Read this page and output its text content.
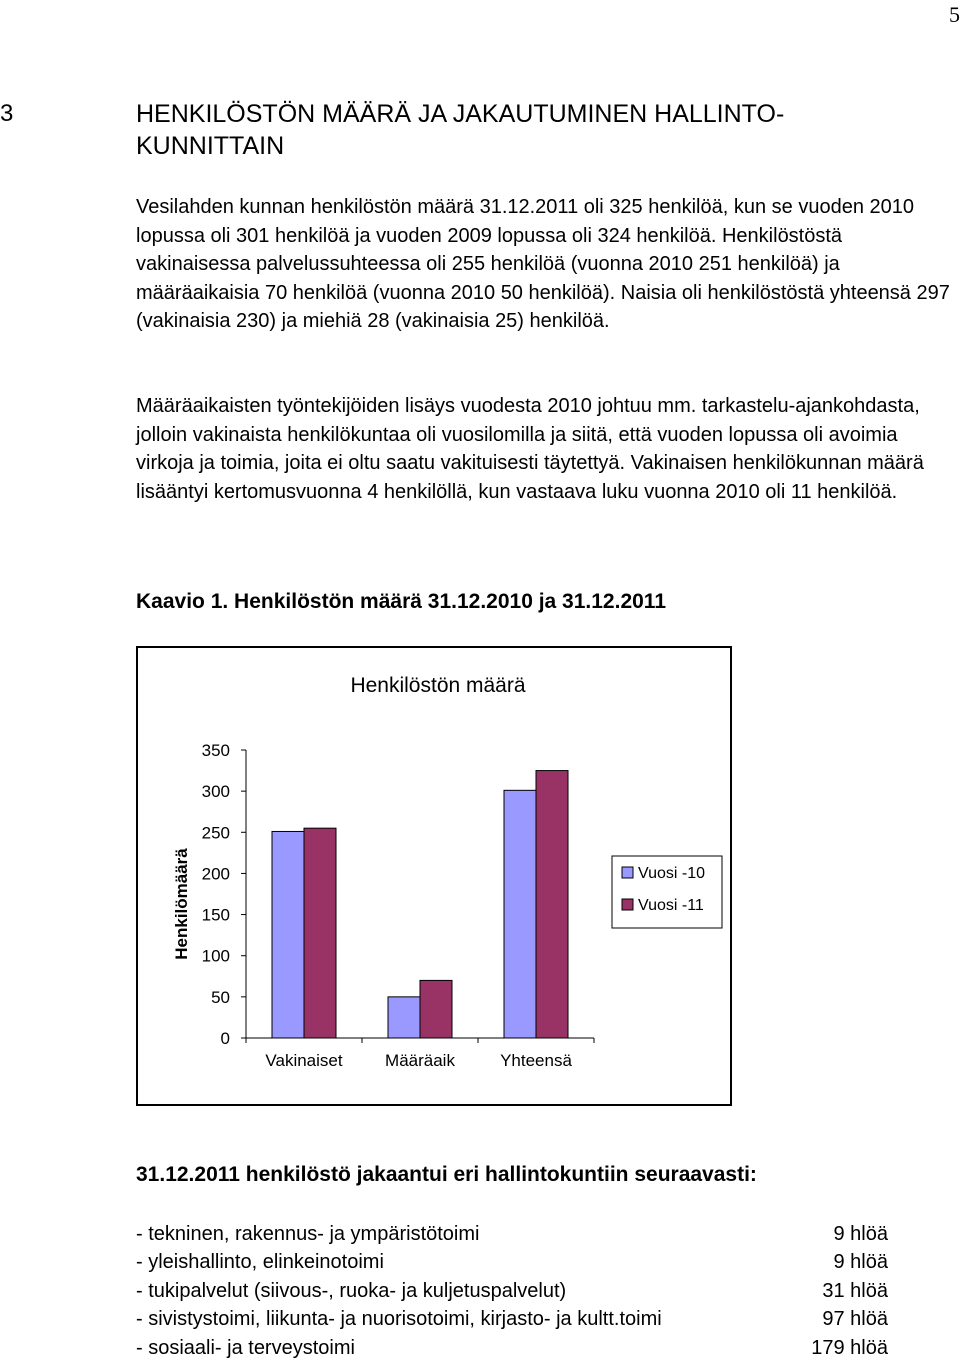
5
3	HENKILÖSTÖN MÄÄRÄ JA JAKAUTUMINEN HALLINTO-
KUNNITTAIN

Vesilahden kunnan henkilöstön määrä 31.12.2011 oli 325 henkilöä, kun se vuoden 2010 lopussa oli 301 henkilöä ja vuoden 2009 lopussa oli 324 henkilöä. Henkilöstöstä vakinaisessa palvelussuhteessa oli 255 henkilöä (vuonna 2010 251 henkilöä) ja määräaikaisia 70 henkilöä (vuonna 2010 50 henkilöä). Naisia oli henkilöstöstä yhteensä 297 (vakinaisia 230) ja miehiä 28 (vakinaisia 25) henkilöä.

Määräaikaisten työntekijöiden lisäys vuodesta 2010 johtuu mm. tarkastelu-ajankohdasta, jolloin vakinaista henkilökuntaa oli vuosilomilla ja siitä, että vuoden lopussa oli avoimia virkoja ja toimia, joita ei oltu saatu vakituisesti täytettyä. Vakinaisen henkilökunnan määrä lisääntyi kertomusvuonna 4 henkilöllä, kun vastaava luku vuonna 2010 oli 11 henkilöä.

Kaavio 1. Henkilöstön määrä 31.12.2010 ja 31.12.2011

Henkilöstön määrä
Henkilömäärä
0
50
100
150
200
250
300
350
Vakinaiset Määräaik	Yhteensä
Vuosi -10
Vuosi -11

31.12.2011 henkilöstö jakaantui eri hallintokuntiin seuraavasti:

- tekninen, rakennus- ja ympäristötoimi	9 hlöä
- yleishallinto, elinkeinotoimi	9 hlöä
- tukipalvelut (siivous-, ruoka- ja kuljetuspalvelut)	31 hlöä
- sivistystoimi, liikunta- ja nuorisotoimi, kirjasto- ja kultt.toimi	97 hlöä
- sosiaali- ja terveystoimi	179 hlöä
